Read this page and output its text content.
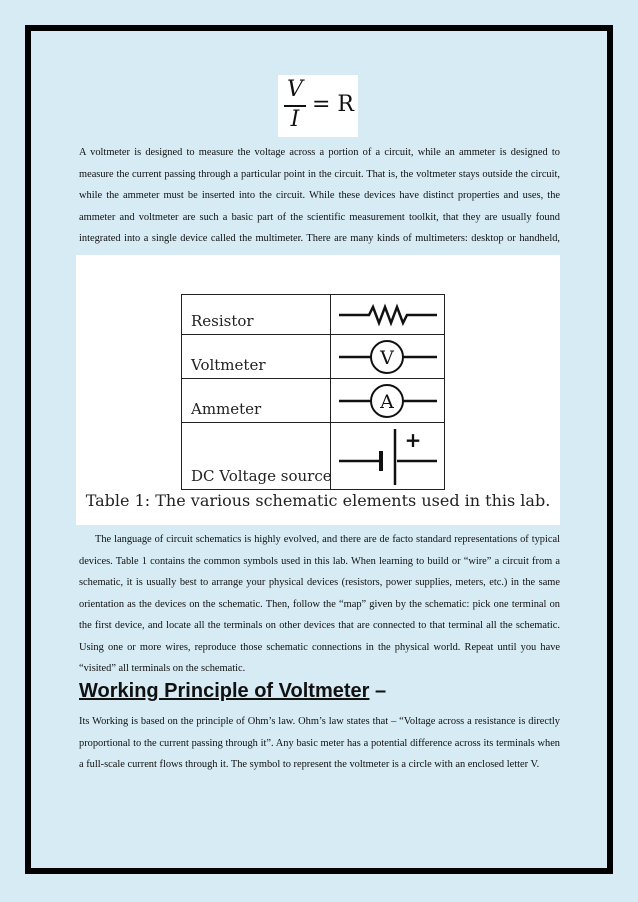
V
I
= R

A voltmeter is designed to measure the voltage across a portion of a circuit, while an ammeter is designed to measure the current passing through a particular point in the circuit. That is, the voltmeter stays outside the circuit, while the ammeter must be inserted into the circuit. While these devices have distinct properties and uses, the ammeter and voltmeter are such a basic part of the scientific measurement toolkit, that they are usually found integrated into a single device called the multimeter. There are many kinds of multimeters: desktop or handheld,

Resistor
Voltmeter	V
Ammeter	A
DC Voltage source
+
Table 1: The various schematic elements used in this lab.

The language of circuit schematics is highly evolved, and there are de facto standard representations of typical devices. Table 1 contains the common symbols used in this lab. When learning to build or “wire” a circuit from a schematic, it is usually best to arrange your physical devices (resistors, power supplies, meters, etc.) in the same orientation as the devices on the schematic. Then, follow the “map” given by the schematic: pick one terminal on the first device, and locate all the terminals on other devices that are connected to that terminal all the schematic. Using one or more wires, reproduce those schematic connections in the physical world. Repeat until you have “visited” all terminals on the schematic.

Working Principle of Voltmeter –

Its Working is based on the principle of Ohm’s law. Ohm’s law states that – “Voltage across a resistance is directly proportional to the current passing through it”. Any basic meter has a potential difference across its terminals when a full-scale current flows through it. The symbol to represent the voltmeter is a circle with an enclosed letter V.
